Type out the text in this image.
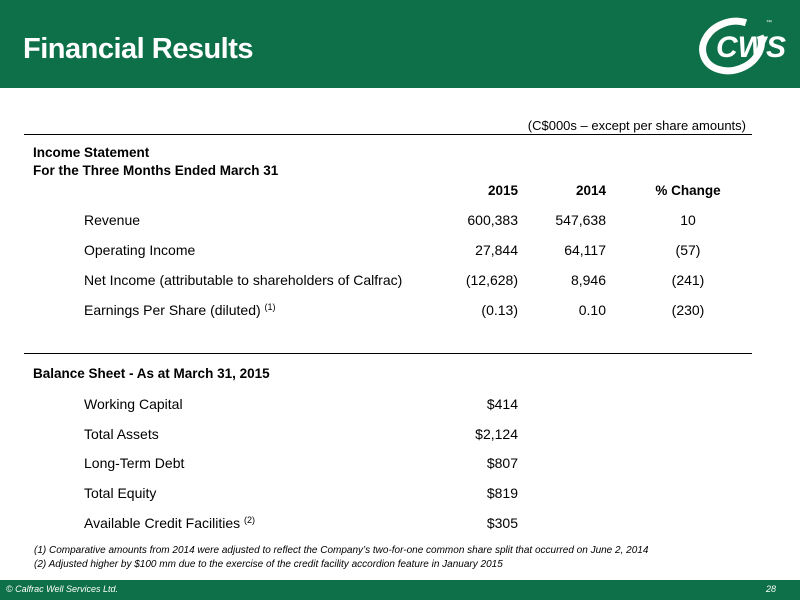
Financial Results	CWS
™
(C$000s – except per share amounts)
Income Statement
For the Three Months Ended March 31
2015	2014	% Change
Revenue	600,383	547,638	10
Operating Income	27,844	64,117	(57)
Net Income (attributable to shareholders of Calfrac)	(12,628)	8,946	(241)
Earnings Per Share (diluted) $^{(1)}$	(0.13)	0.10	(230)
Balance Sheet - As at March 31, 2015
Working Capital	$414
Total Assets	$2,124
Long-Term Debt	$807
Total Equity	$819
Available Credit Facilities $^{(2)}$	$305
(1) Comparative amounts from 2014 were adjusted to reflect the Company’s two-for-one common share split that occurred on June 2, 2014
(2) Adjusted higher by $100 mm due to the exercise of the credit facility accordion feature in January 2015
© Calfrac Well Services Ltd.	28
